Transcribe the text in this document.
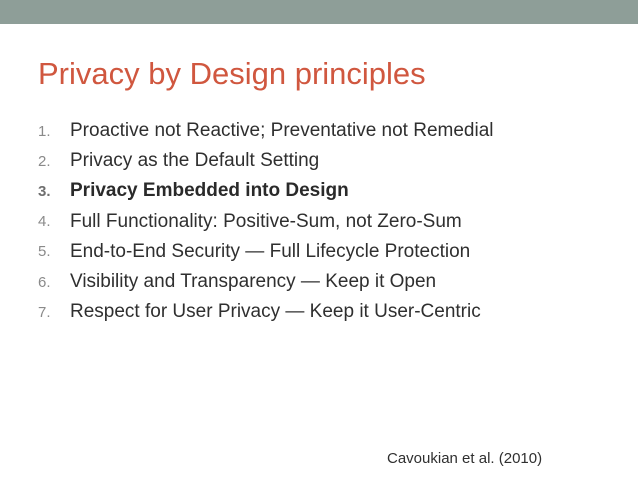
Privacy by Design principles
1.	Proactive not Reactive; Preventative not Remedial
2.	Privacy as the Default Setting
3.	Privacy Embedded into Design
4.	Full Functionality: Positive-Sum, not Zero-Sum
5.	End-to-End Security — Full Lifecycle Protection
6.	Visibility and Transparency — Keep it Open
7.	Respect for User Privacy — Keep it User-Centric
Cavoukian et al. (2010)
